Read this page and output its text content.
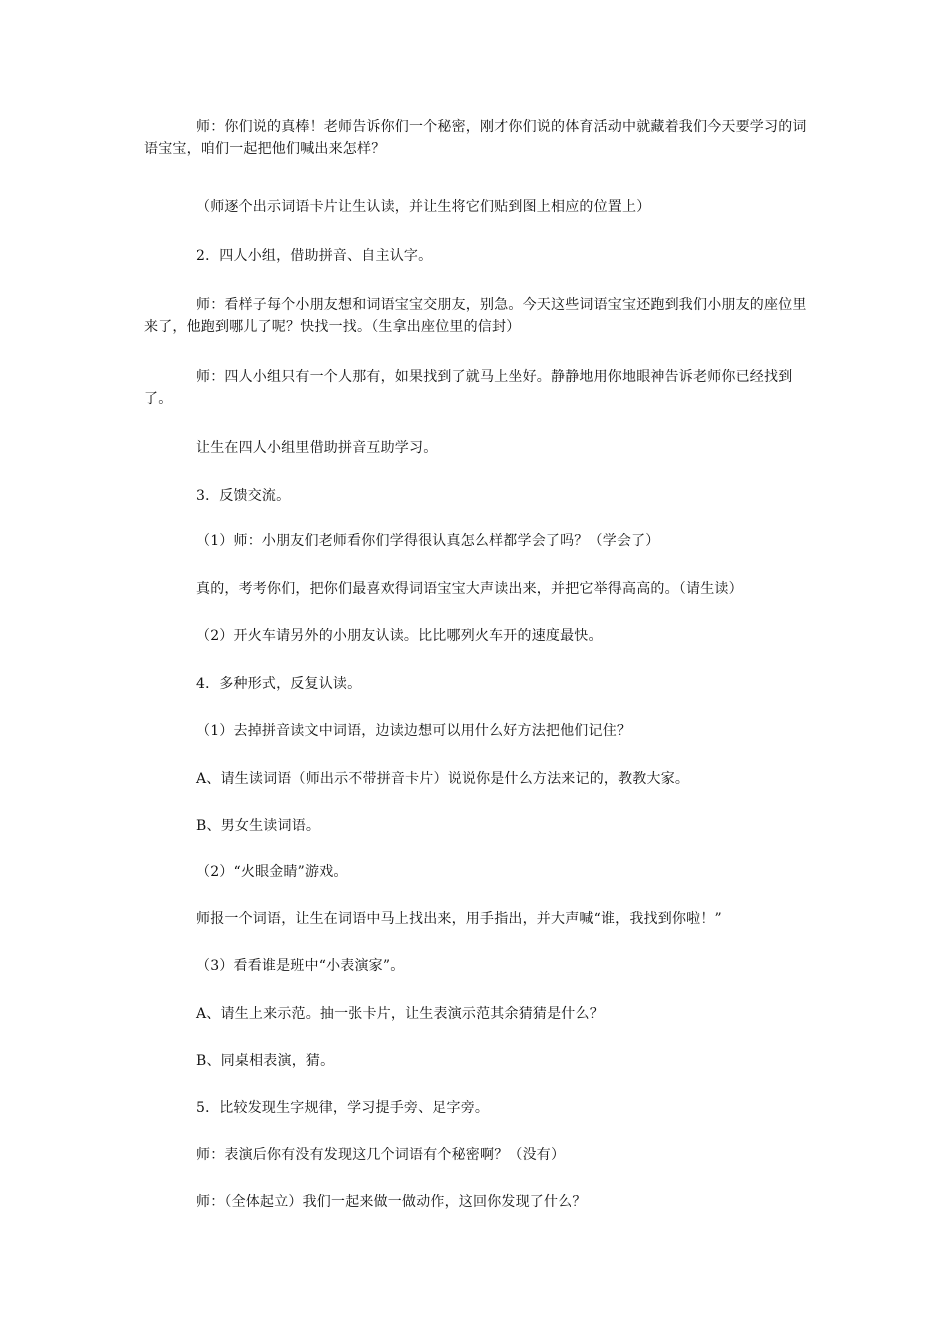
师：你们说的真棒！老师告诉你们一个秘密，刚才你们说的体育活动中就藏着我们今天要学习的词语宝宝，咱们一起把他们喊出来怎样？

（师逐个出示词语卡片让生认读，并让生将它们贴到图上相应的位置上）

2．四人小组，借助拼音、自主认字。

师：看样子每个小朋友想和词语宝宝交朋友，别急。今天这些词语宝宝还跑到我们小朋友的座位里来了，他跑到哪儿了呢？快找一找。（生拿出座位里的信封）

师：四人小组只有一个人那有，如果找到了就马上坐好。静静地用你地眼神告诉老师你已经找到了。

让生在四人小组里借助拼音互助学习。

3．反馈交流。

（1）师：小朋友们老师看你们学得很认真怎么样都学会了吗？（学会了）

真的，考考你们，把你们最喜欢得词语宝宝大声读出来，并把它举得高高的。（请生读）

（2）开火车请另外的小朋友认读。比比哪列火车开的速度最快。

4．多种形式，反复认读。

（1）去掉拼音读文中词语，边读边想可以用什么好方法把他们记住？

A、请生读词语（师出示不带拼音卡片）说说你是什么方法来记的，教教大家。

B、男女生读词语。

（2）“火眼金睛”游戏。

师报一个词语，让生在词语中马上找出来，用手指出，并大声喊“谁，我找到你啦！”

（3）看看谁是班中“小表演家”。

A、请生上来示范。抽一张卡片，让生表演示范其余猜猜是什么？

B、同桌相表演，猜。

5．比较发现生字规律，学习提手旁、足字旁。

师：表演后你有没有发现这几个词语有个秘密啊？（没有）

师：（全体起立）我们一起来做一做动作，这回你发现了什么？
